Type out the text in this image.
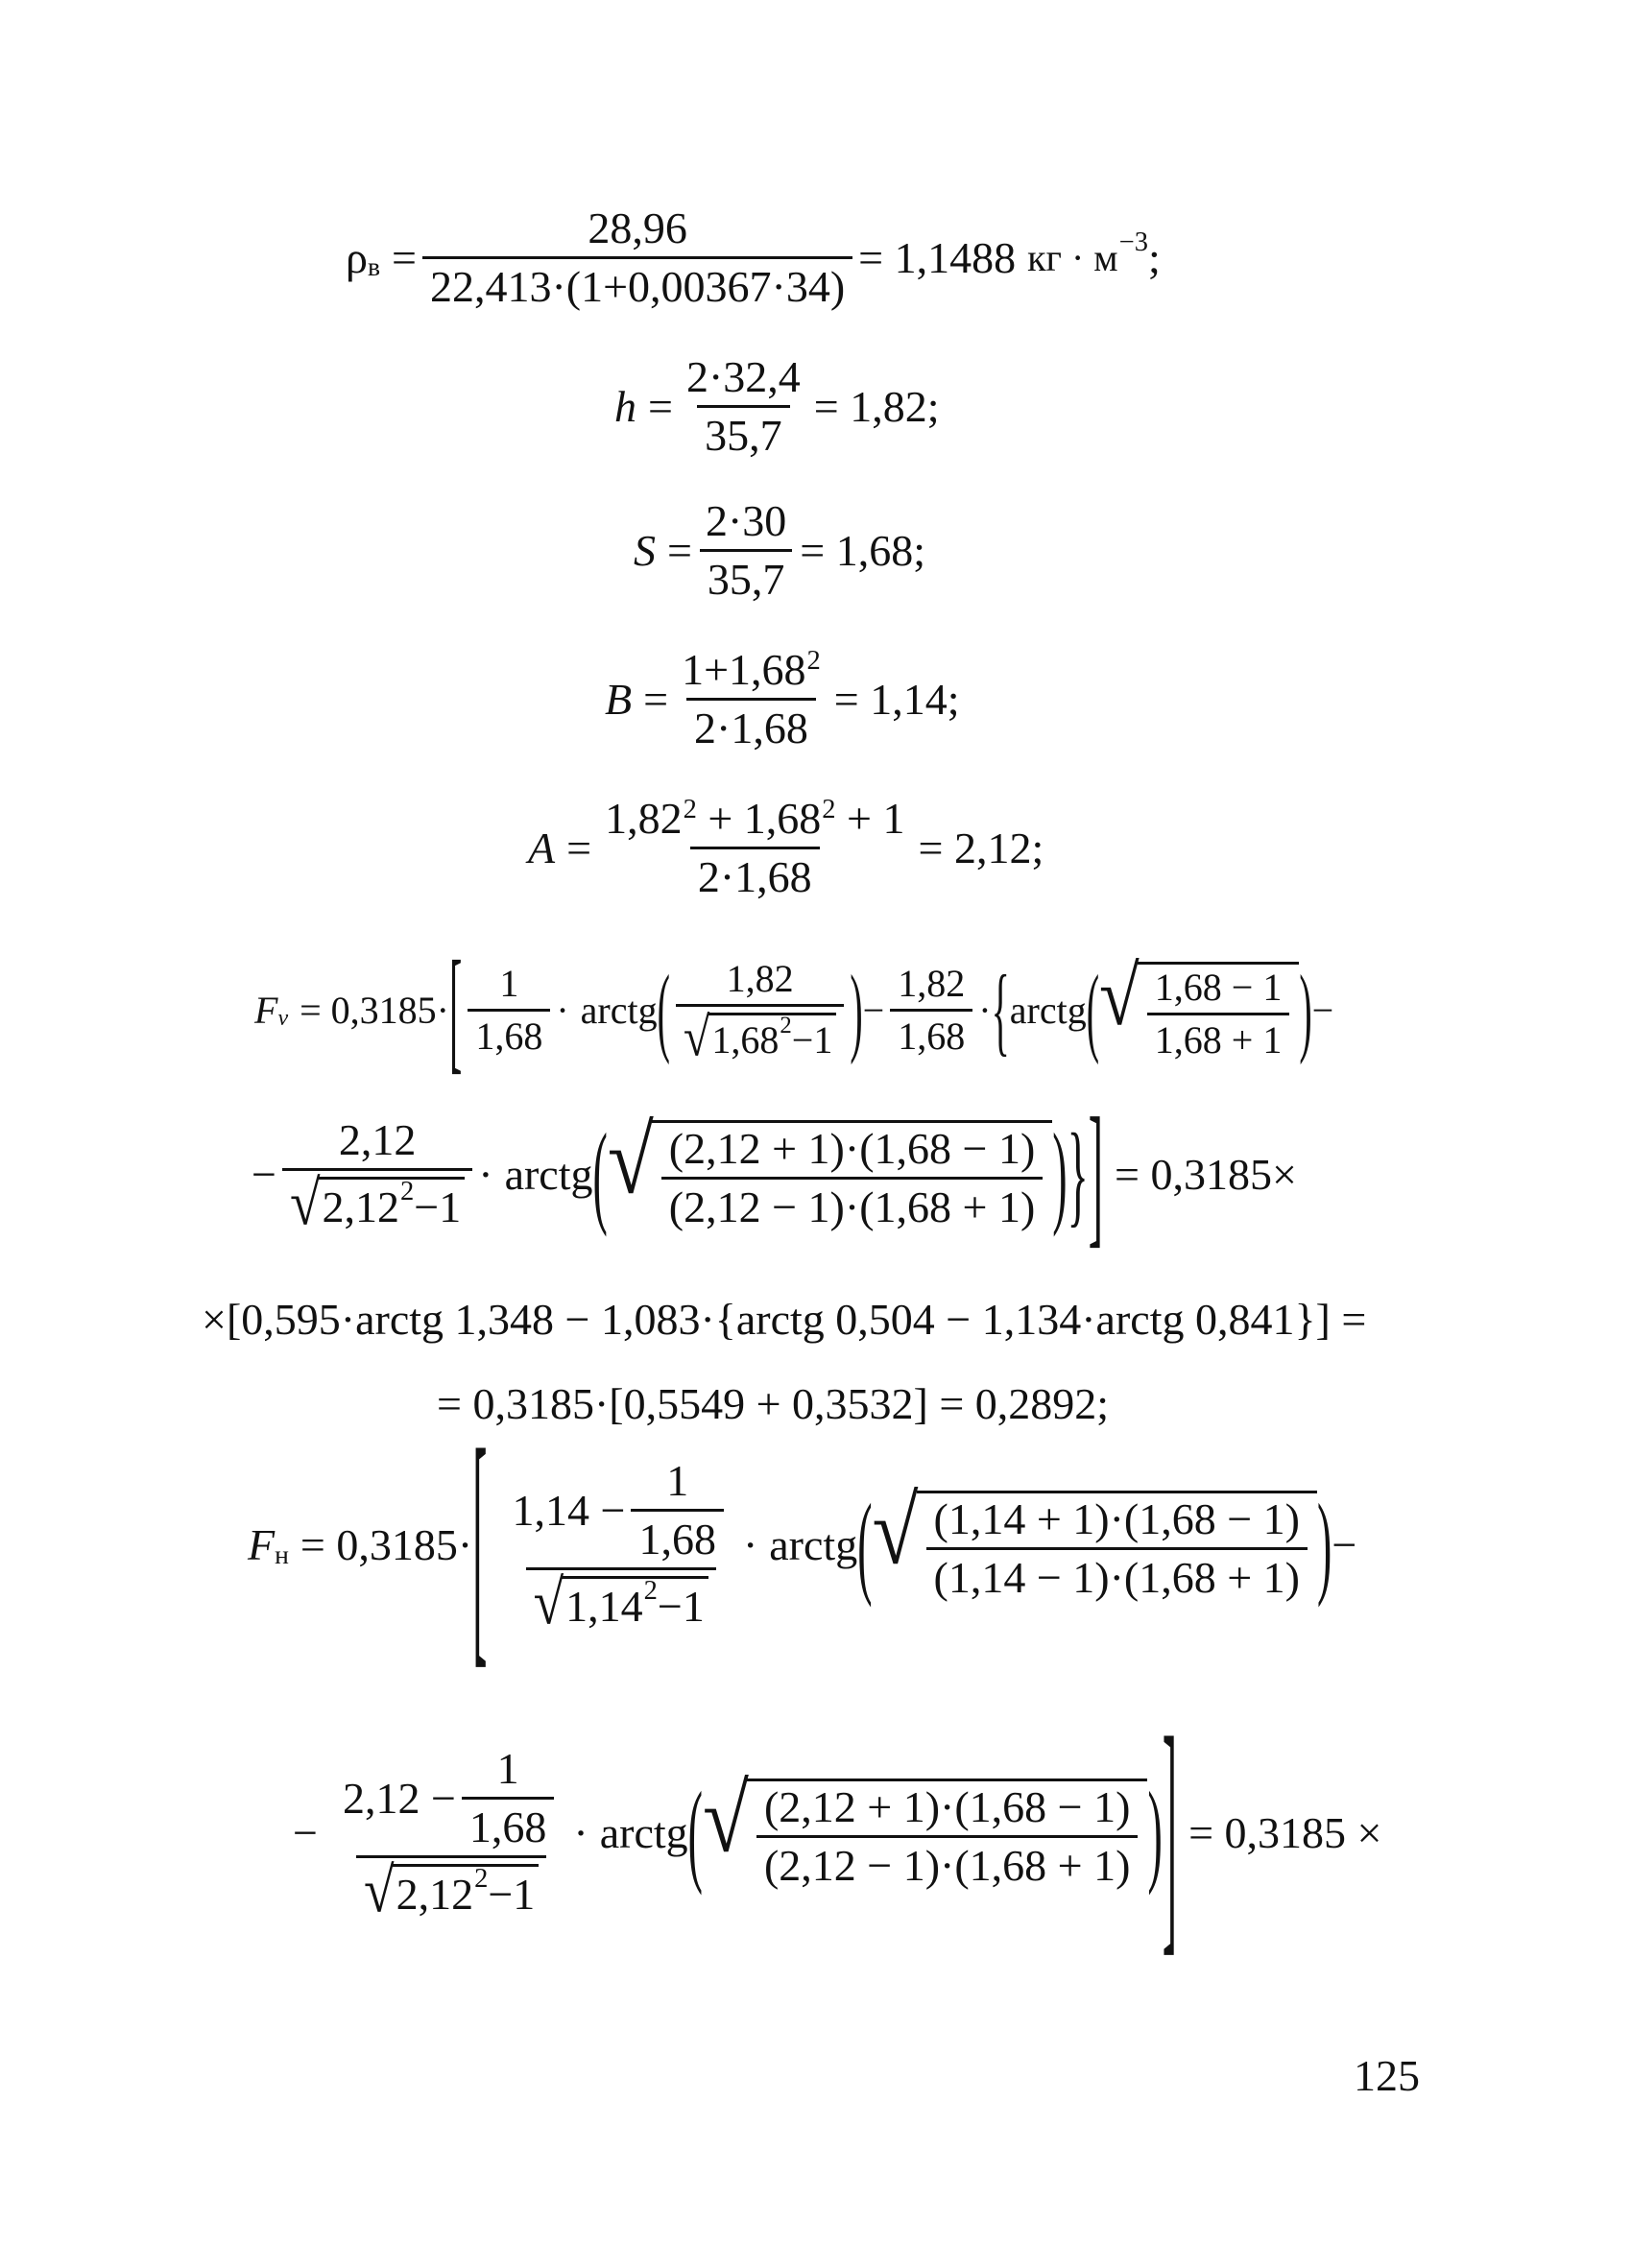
ρ $в = \frac{28,96}{22,413\cdot(1+0,00367\cdot 34)} = 1,1488$ кг · м −3 ;
$h = \frac{2\cdot 32,4}{35,7} = 1,82$;
$S = \frac{2\cdot 30}{35,7} = 1,68$;
$B = \frac{1+1,68^2}{2\cdot 1,68} = 1,14$;
$A = \frac{1,82^2 + 1,68^2 + 1}{2\cdot 1,68} = 2,12$;
F v = 0,3185· [ $\frac{1}{1,68}$ · arctg ( $\frac{1,82}{√ 1,68 2 -1}$ ) − $\frac{1,82}{1,68}$ · { arctg ( √ $\frac{1,68 - 1}{1,68 + 1}$ ) −
− $\frac{2,12}{√ 2,12 2 -1}$ · arctg ( √ $\frac{(2,12 + 1)\cdot(1,68 - 1)}{(2,12 - 1)\cdot(1,68 + 1)}$ ) } ] = 0,3185×
×[0,595·arctg 1,348 − 1,083·{arctg 0,504 − 1,134·arctg 0,841}] =
= 0,3185·[0,5549 + 0,3532] = 0,2892;
F н = 0,3185· [ $\frac{1,14 - \frac{1}{1,68}}{√ 1,14 2 -1}$ · arctg ( √ $\frac{(1,14 + 1)\cdot(1,68 - 1)}{(1,14 - 1)\cdot(1,68 + 1)}$ ) −
− $\frac{2,12 - \frac{1}{1,68}}{√ 2,12 2 -1}$ · arctg ( √ $\frac{(2,12 + 1)\cdot(1,68 - 1)}{(2,12 - 1)\cdot(1,68 + 1)}$ ) ] = 0,3185 ×
125
